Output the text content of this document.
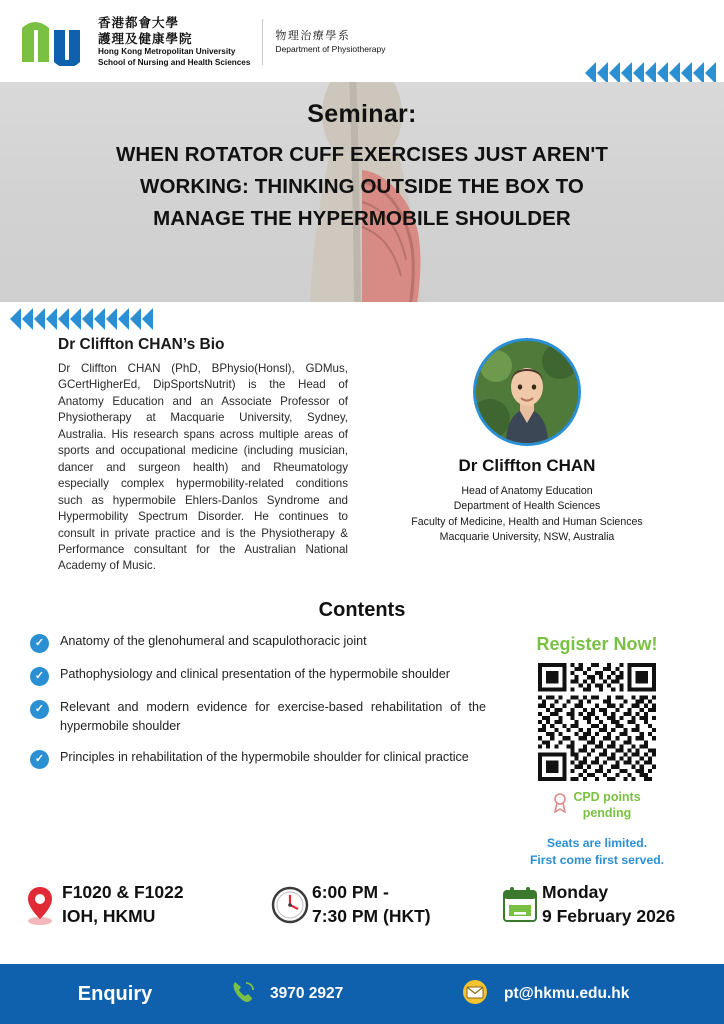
香港都會大學
護理及健康學院
Hong Kong Metropolitan University
School of Nursing and Health Sciences
物理治療學系
Department of Physiotherapy
Seminar:
WHEN ROTATOR CUFF EXERCISES JUST AREN'T
WORKING: THINKING OUTSIDE THE BOX TO
MANAGE THE HYPERMOBILE SHOULDER
Dr Cliffton CHAN’s Bio
Dr Cliffton CHAN (PhD, BPhysio(Honsl), GDMus, GCertHigherEd, DipSportsNutrit) is the Head of Anatomy Education and an Associate Professor of Physiotherapy at Macquarie University, Sydney, Australia. His research spans across multiple areas of sports and occupational medicine (including musician, dancer and surgeon health) and Rheumatology especially complex hypermobility-related conditions such as hypermobile Ehlers-Danlos Syndrome and Hypermobility Spectrum Disorder. He continues to consult in private practice and is the Physiotherapy & Performance consultant for the Australian National Academy of Music.
Dr Cliffton CHAN
Head of Anatomy Education
Department of Health Sciences
Faculty of Medicine, Health and Human Sciences
Macquarie University, NSW, Australia
Contents
✓	Anatomy of the glenohumeral and scapulothoracic joint
✓	Pathophysiology and clinical presentation of the hypermobile shoulder
✓	Relevant and modern evidence for exercise-based rehabilitation of the hypermobile shoulder
✓	Principles in rehabilitation of the hypermobile shoulder for clinical practice
Register Now!
CPD points
pending
Seats are limited.
First come first served.
F1020 & F1022
IOH, HKMU
6:00 PM -
7:30 PM (HKT)
Monday
9 February 2026
Enquiry	3970 2927	pt@hkmu.edu.hk
